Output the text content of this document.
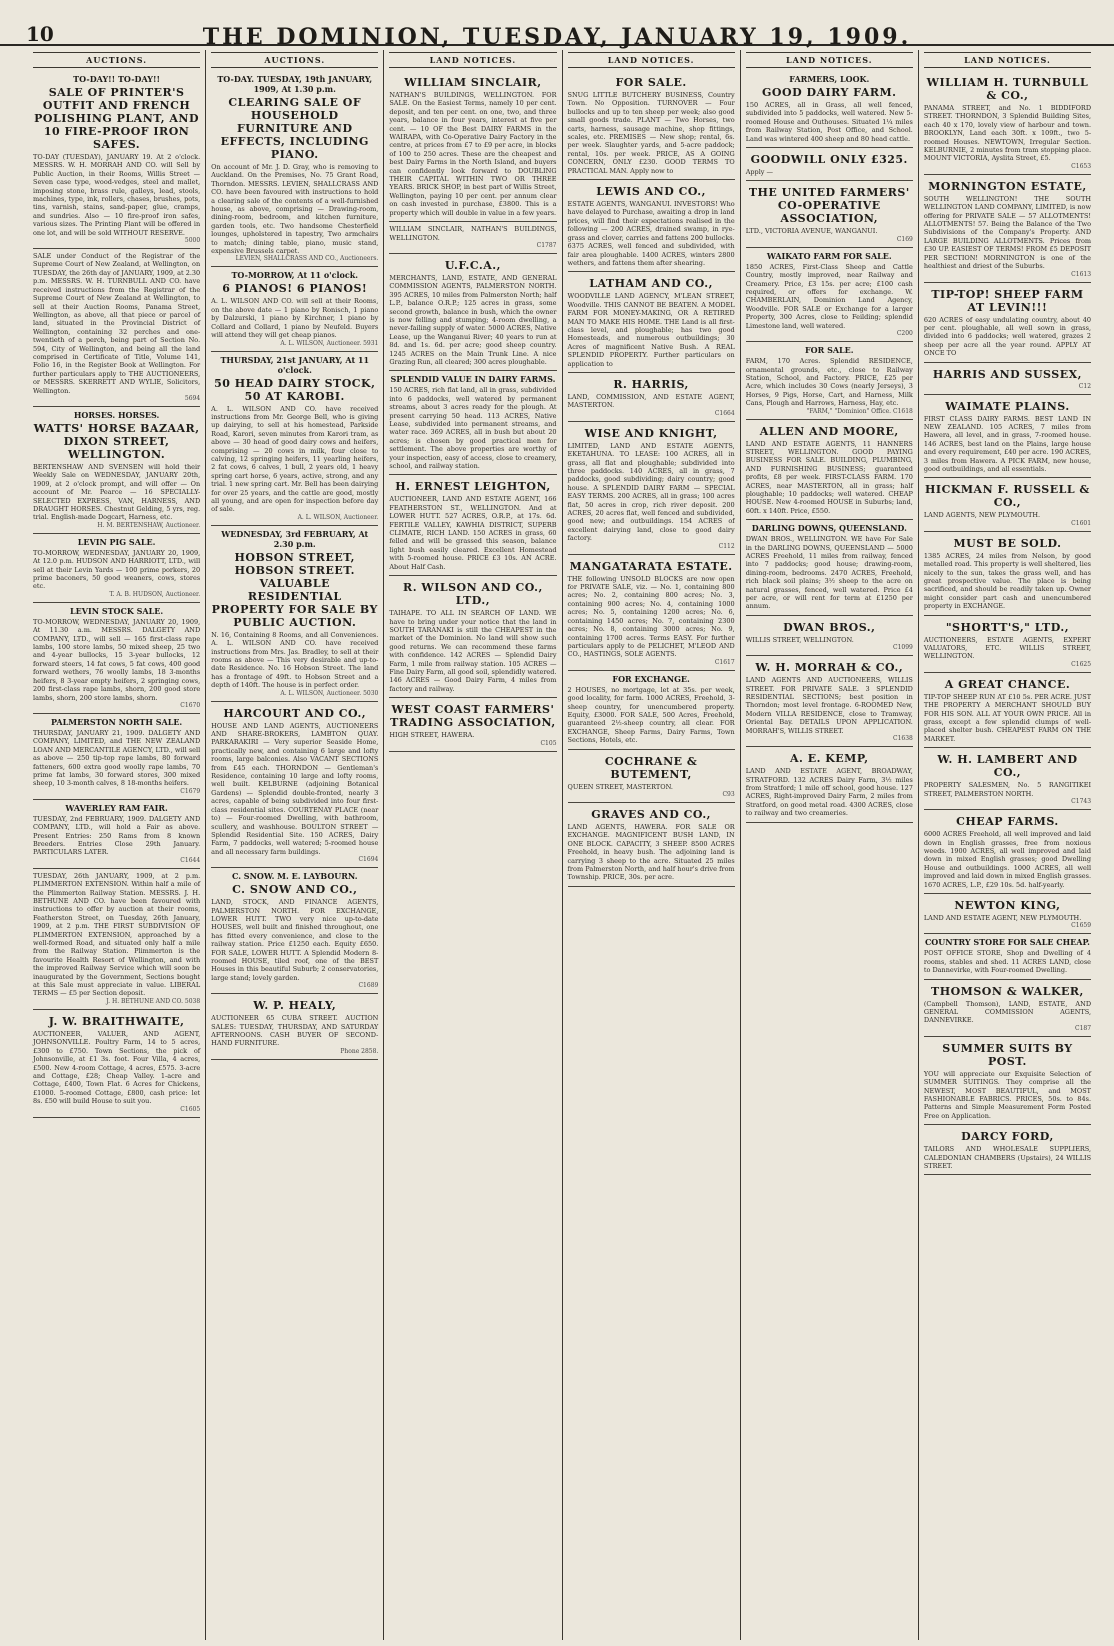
10	THE DOMINION, TUESDAY, JANUARY 19, 1909.
AUCTIONS.
TO-DAY!! TO-DAY!!
SALE OF PRINTER'S OUTFIT AND FRENCH POLISHING PLANT, AND 10 FIRE-PROOF IRON SAFES.
TO-DAY (TUESDAY), JANUARY 19. At 2 o'clock. MESSRS. W. H. MORRAH AND CO. will Sell by Public Auction, in their Rooms, Willis Street — Seven case type, wood-vedges, steel and mallet, imposing stone, brass rule, galleys, lead, stools, machines, type, ink, rollers, chases, brushes, pots, tins, varnish, stains, sand-paper, glue, cramps, and sundries. Also — 10 fire-proof iron safes, various sizes. The Printing Plant will be offered in one lot, and will be sold WITHOUT RESERVE.
5000
SALE under Conduct of the Registrar of the Supreme Court of New Zealand, at Wellington, on TUESDAY, the 26th day of JANUARY, 1909, at 2.30 p.m. MESSRS. W. H. TURNBULL AND CO. have received instructions from the Registrar of the Supreme Court of New Zealand at Wellington, to sell at their Auction Rooms, Panama Street, Wellington, as above, all that piece or parcel of land, situated in the Provincial District of Wellington, containing 32 perches and one-twentieth of a perch, being part of Section No. 594, City of Wellington, and being all the land comprised in Certificate of Title, Volume 141, Folio 16, in the Register Book at Wellington. For further particulars apply to THE AUCTIONEERS, or MESSRS. SKERRETT AND WYLIE, Solicitors, Wellington.
5694
HORSES. HORSES.
WATTS' HORSE BAZAAR, DIXON STREET, WELLINGTON.
BERTENSHAW AND SVENSEN will hold their Weekly Sale on WEDNESDAY, JANUARY 20th, 1909, at 2 o'clock prompt, and will offer — On account of Mr. Pearce — 16 SPECIALLY-SELECTED EXPRESS, VAN, HARNESS, AND DRAUGHT HORSES. Chestnut Gelding, 5 yrs, reg. trial. English-made Dogcart, Harness, etc.
H. M. BERTENSHAW, Auctioneer.
LEVIN PIG SALE.
TO-MORROW, WEDNESDAY, JANUARY 20, 1909, At 12.0 p.m. HUDSON AND HARRIOTT, LTD., will sell at their Levin Yards — 100 prime porkers, 20 prime baconers, 50 good weaners, cows, stores etc.
T. A. B. HUDSON, Auctioneer.
LEVIN STOCK SALE.
TO-MORROW, WEDNESDAY, JANUARY 20, 1909, At 11.30 a.m. MESSRS. DALGETY AND COMPANY, LTD., will sell — 165 first-class rape lambs, 100 store lambs, 50 mixed sheep, 25 two and 4-year bullocks, 15 3-year bullocks, 12 forward steers, 14 fat cows, 5 fat cows, 400 good forward wethers, 76 woolly lambs, 18 3-months heifers, 8 3-year empty heifers, 2 springing cows, 200 first-class rape lambs, shorn, 200 good store lambs, shorn, 200 store lambs, shorn.
C1670
PALMERSTON NORTH SALE.
THURSDAY, JANUARY 21, 1909. DALGETY AND COMPANY, LIMITED, and THE NEW ZEALAND LOAN AND MERCANTILE AGENCY, LTD., will sell as above — 250 tip-top rape lambs, 80 forward fatteners, 600 extra good woolly rape lambs, 70 prime fat lambs, 30 forward stores, 300 mixed sheep, 10 3-month calves, 8 18-months heifers.
C1679
WAVERLEY RAM FAIR.
TUESDAY, 2nd FEBRUARY, 1909. DALGETY AND COMPANY, LTD., will hold a Fair as above. Present Entries: 250 Rams from 8 known Breeders. Entries Close 29th January. PARTICULARS LATER.
C1644
TUESDAY, 26th JANUARY, 1909, at 2 p.m. PLIMMERTON EXTENSION. Within half a mile of the Plimmerton Railway Station. MESSRS. J. H. BETHUNE AND CO. have been favoured with instructions to offer by auction at their rooms, Featherston Street, on Tuesday, 26th January, 1909, at 2 p.m. THE FIRST SUBDIVISION OF PLIMMERTON EXTENSION, approached by a well-formed Road, and situated only half a mile from the Railway Station. Plimmerton is the favourite Health Resort of Wellington, and with the improved Railway Service which will soon be inaugurated by the Government, Sections bought at this Sale must appreciate in value. LIBERAL TERMS — £5 per Section deposit.
J. H. BETHUNE AND CO. 5038
J. W. BRAITHWAITE,
AUCTIONEER, VALUER, AND AGENT, JOHNSONVILLE. Poultry Farm, 14 to 5 acres, £300 to £750. Town Sections, the pick of Johnsonville, at £1 3s. foot. Four Villa, 4 acres, £500. New 4-room Cottage, 4 acres, £575. 3-acre and Cottage, £28; Cheap Valley. 1-acre and Cottage, £400, Town Flat. 6 Acres for Chickens, £1000. 5-roomed Cottage, £800, cash price: let 8s. £50 will build House to suit you.
C1605
AUCTIONS.
TO-DAY. TUESDAY, 19th JANUARY, 1909, At 1.30 p.m.
CLEARING SALE OF HOUSEHOLD FURNITURE AND EFFECTS, INCLUDING PIANO.
On account of Mr. J. D. Gray, who is removing to Auckland. On the Premises, No. 75 Grant Road, Thorndon. MESSRS. LEVIEN, SHALLCRASS AND CO. have been favoured with instructions to hold a clearing sale of the contents of a well-furnished house, as above, comprising — Drawing-room, dining-room, bedroom, and kitchen furniture, garden tools, etc. Two handsome Chesterfield lounges, upholstered in tapestry, Two armchairs to match; dining table, piano, music stand, expensive Brussels carpet.
LEVIEN, SHALLCRASS AND CO., Auctioneers.
TO-MORROW, At 11 o'clock.
6 PIANOS! 6 PIANOS!
A. L. WILSON AND CO. will sell at their Rooms, on the above date — 1 piano by Ronisch, 1 piano by Dalzurski, 1 piano by Kirchner, 1 piano by Collard and Collard, 1 piano by Neufeld. Buyers will attend they will get cheap pianos.
A. L. WILSON, Auctioneer. 5931
THURSDAY, 21st JANUARY, At 11 o'clock.
50 HEAD DAIRY STOCK, 50 AT KAROBI.
A. L. WILSON AND CO. have received instructions from Mr. George Bell, who is giving up dairying, to sell at his homestead, Parkside Road, Karori, seven minutes from Karori tram, as above — 30 head of good dairy cows and heifers, comprising — 20 cows in milk, four close to calving, 12 springing heifers, 11 yearling heifers, 2 fat cows, 6 calves, 1 bull, 2 years old, 1 heavy spring cart horse, 6 years, active, strong, and any trial. 1 new spring cart. Mr. Bell has been dairying for over 25 years, and the cattle are good, mostly all young, and are open for inspection before day of sale.
A. L. WILSON, Auctioneer.
WEDNESDAY, 3rd FEBRUARY, At 2.30 p.m.
HOBSON STREET, HOBSON STREET. VALUABLE RESIDENTIAL PROPERTY FOR SALE BY PUBLIC AUCTION.
N. 16, Containing 8 Rooms, and all Conveniences. A. L. WILSON AND CO. have received instructions from Mrs. Jas. Bradley, to sell at their rooms as above — This very desirable and up-to-date Residence. No. 16 Hobson Street. The land has a frontage of 49ft. to Hobson Street and a depth of 140ft. The house is in perfect order.
A. L. WILSON, Auctioneer. 5030
HARCOURT AND CO.,
HOUSE AND LAND AGENTS, AUCTIONEERS AND SHARE-BROKERS, LAMBTON QUAY. PARKARAKIRI — Very superior Seaside Home, practically new, and containing 6 large and lofty rooms, large balconies. Also VACANT SECTIONS from £45 each. THORNDON — Gentleman's Residence, containing 10 large and lofty rooms, well built. KELBURNE (adjoining Botanical Gardens) — Splendid double-fronted, nearly 3 acres, capable of being subdivided into four first-class residential sites. COURTENAY PLACE (near to) — Four-roomed Dwelling, with bathroom, scullery, and washhouse. BOULTON STREET — Splendid Residential Site. 150 ACRES, Dairy Farm, 7 paddocks, well watered; 5-roomed house and all necessary farm buildings.
C1694
C. SNOW. M. E. LAYBOURN.
C. SNOW AND CO.,
LAND, STOCK, AND FINANCE AGENTS, PALMERSTON NORTH. FOR EXCHANGE, LOWER HUTT. TWO very nice up-to-date HOUSES, well built and finished throughout, one has fitted every convenience, and close to the railway station. Price £1250 each. Equity £650. FOR SALE, LOWER HUTT. A Splendid Modern 8-roomed HOUSE, tiled roof, one of the BEST Houses in this beautiful Suburb; 2 conservatories, large stand; lovely garden.
C1689
W. P. HEALY,
AUCTIONEER 65 CUBA STREET. AUCTION SALES: TUESDAY, THURSDAY, AND SATURDAY AFTERNOONS. CASH BUYER OF SECOND-HAND FURNITURE.
Phone 2858.
LAND NOTICES.
WILLIAM SINCLAIR,
NATHAN'S BUILDINGS, WELLINGTON. FOR SALE. On the Easiest Terms, namely 10 per cent. deposit, and ten per cent. on one, two, and three years, balance in four years, interest at five per cent. — 10 OF the Best DAIRY FARMS in the WAIRAPA, with Co-Operative Dairy Factory in the centre, at prices from £7 to £9 per acre, in blocks of 100 to 250 acres. These are the cheapest and best Dairy Farms in the North Island, and buyers can confidently look forward to DOUBLING THEIR CAPITAL WITHIN TWO OR THREE YEARS. BRICK SHOP, in best part of Willis Street, Wellington, paying 10 per cent. per annum clear on cash invested in purchase, £3800. This is a property which will double in value in a few years.
WILLIAM SINCLAIR, NATHAN'S BUILDINGS, WELLINGTON.
C1787
U.F.C.A.,
MERCHANTS, LAND, ESTATE, AND GENERAL COMMISSION AGENTS, PALMERSTON NORTH. 395 ACRES, 10 miles from Palmerston North; half L.P., balance O.R.P.; 125 acres in grass, some second growth, balance in bush, which the owner is now felling and stumping; 4-room dwelling, a never-failing supply of water. 5000 ACRES, Native Lease, up the Wanganui River; 40 years to run at 8d. and 1s. 6d. per acre; good sheep country. 1245 ACRES on the Main Trunk Line. A nice Grazing Run, all cleared; 300 acres ploughable.
SPLENDID VALUE IN DAIRY FARMS.
150 ACRES, rich flat land, all in grass, subdivided into 6 paddocks, well watered by permanent streams, about 3 acres ready for the plough. At present carrying 50 head. 113 ACRES, Native Lease, subdivided into permanent streams, and water race. 369 ACRES, all in bush but about 20 acres; is chosen by good practical men for settlement. The above properties are worthy of your inspection, easy of access, close to creamery, school, and railway station.
H. ERNEST LEIGHTON,
AUCTIONEER, LAND AND ESTATE AGENT, 166 FEATHERSTON ST., WELLINGTON. And at LOWER HUTT. 527 ACRES, O.R.P., at 17s. 6d. FERTILE VALLEY, KAWHIA DISTRICT, SUPERB CLIMATE, RICH LAND. 150 ACRES in grass, 60 felled and will be grassed this season, balance light bush easily cleared. Excellent Homestead with 5-roomed house. PRICE £3 10s. AN ACRE. About Half Cash.
R. WILSON AND CO., LTD.,
TAIHAPE. TO ALL IN SEARCH OF LAND. WE have to bring under your notice that the land in SOUTH TARANAKI is still the CHEAPEST in the market of the Dominion. No land will show such good returns. We can recommend these farms with confidence. 142 ACRES — Splendid Dairy Farm, 1 mile from railway station. 105 ACRES — Fine Dairy Farm, all good soil, splendidly watered. 146 ACRES — Good Dairy Farm, 4 miles from factory and railway.
WEST COAST FARMERS' TRADING ASSOCIATION,
HIGH STREET, HAWERA.
C105
LAND NOTICES.
FOR SALE.
SNUG LITTLE BUTCHERY BUSINESS, Country Town. No Opposition. TURNOVER — Four bullocks and up to ten sheep per week; also good small goods trade. PLANT — Two Horses, two carts, harness, sausage machine, shop fittings, scales, etc. PREMISES — New shop; rental, 6s. per week. Slaughter yards, and 5-acre paddock; rental, 10s. per week. PRICE, AS A GOING CONCERN, ONLY £230. GOOD TERMS TO PRACTICAL MAN. Apply now to
LEWIS AND CO.,
ESTATE AGENTS, WANGANUI. INVESTORS! Who have delayed to Purchase, awaiting a drop in land prices, will find their expectations realised in the following — 200 ACRES, drained swamp, in rye-grass and clover, carries and fattens 200 bullocks. 6375 ACRES, well fenced and subdivided, with fair area ploughable. 1400 ACRES, winters 2800 wethers, and fattens them after shearing.
LATHAM AND CO.,
WOODVILLE LAND AGENCY, M'LEAN STREET, Woodville. THIS CANNOT BE BEATEN. A MODEL FARM FOR MONEY-MAKING, OR A RETIRED MAN TO MAKE HIS HOME. THE Land is all first-class level, and ploughable; has two good Homesteads, and numerous outbuildings; 30 Acres of magnificent Native Bush. A REAL SPLENDID PROPERTY. Further particulars on application to
R. HARRIS,
LAND, COMMISSION, AND ESTATE AGENT, MASTERTON.
C1664
WISE AND KNIGHT,
LIMITED, LAND AND ESTATE AGENTS, EKETAHUNA. TO LEASE: 100 ACRES, all in grass, all flat and ploughable; subdivided into three paddocks. 140 ACRES, all in grass, 7 paddocks, good subdividing; dairy country; good house. A SPLENDID DAIRY FARM — SPECIAL EASY TERMS. 200 ACRES, all in grass; 100 acres flat, 50 acres in crop, rich river deposit. 200 ACRES, 20 acres flat, well fenced and subdivided, good new; and outbuildings. 154 ACRES of excellent dairying land, close to good dairy factory.
C112
MANGATARATA ESTATE.
THE following UNSOLD BLOCKS are now open for PRIVATE SALE, viz. — No. 1, containing 800 acres; No. 2, containing 800 acres; No. 3, containing 900 acres; No. 4, containing 1000 acres; No. 5, containing 1200 acres; No. 6, containing 1450 acres; No. 7, containing 2300 acres; No. 8, containing 3000 acres; No. 9, containing 1700 acres. Terms EASY. For further particulars apply to de PELICHET, M'LEOD AND CO., HASTINGS, SOLE AGENTS.
C1617
FOR EXCHANGE.
2 HOUSES, no mortgage, let at 35s. per week, good locality, for farm. 1000 ACRES, Freehold, 3-sheep country, for unencumbered property. Equity, £3000. FOR SALE, 500 Acres, Freehold, guaranteed 2½-sheep country, all clear. FOR EXCHANGE, Sheep Farms, Dairy Farms, Town Sections, Hotels, etc.
COCHRANE & BUTEMENT,
QUEEN STREET, MASTERTON.
C93
GRAVES AND CO.,
LAND AGENTS, HAWERA. FOR SALE OR EXCHANGE. MAGNIFICENT BUSH LAND, IN ONE BLOCK. CAPACITY, 3 SHEEP. 8500 ACRES Freehold, in heavy bush. The adjoining land is carrying 3 sheep to the acre. Situated 25 miles from Palmerston North, and half hour's drive from Township. PRICE, 30s. per acre.
LAND NOTICES.
FARMERS, LOOK.
GOOD DAIRY FARM.
150 ACRES, all in Grass, all well fenced, subdivided into 5 paddocks, well watered. New 5-roomed House and Outhouses. Situated 1¼ miles from Railway Station, Post Office, and School. Land was wintered 400 sheep and 80 head cattle.
GOODWILL ONLY £325.
Apply —
THE UNITED FARMERS' CO-OPERATIVE ASSOCIATION,
LTD., VICTORIA AVENUE, WANGANUI.
C169
WAIKATO FARM FOR SALE.
1850 ACRES, First-Class Sheep and Cattle Country, mostly improved, near Railway and Creamery. Price, £3 15s. per acre; £100 cash required, or offers for exchange. W. CHAMBERLAIN, Dominion Land Agency, Woodville. FOR SALE or Exchange for a larger Property, 300 Acres, close to Feilding; splendid Limestone land, well watered.
C200
FOR SALE.
FARM, 170 Acres. Splendid RESIDENCE, ornamental grounds, etc., close to Railway Station, School, and Factory. PRICE, £25 per Acre, which includes 30 Cows (nearly Jerseys), 3 Horses, 9 Pigs, Horse, Cart, and Harness, Milk Cans, Plough and Harrows, Harness, Hay, etc.
"FARM," "Dominion" Office. C1618
ALLEN AND MOORE,
LAND AND ESTATE AGENTS, 11 HANNERS STREET, WELLINGTON. GOOD PAYING BUSINESS FOR SALE. BUILDING, PLUMBING, AND FURNISHING BUSINESS; guaranteed profits, £8 per week. FIRST-CLASS FARM. 170 ACRES, near MASTERTON, all in grass; half ploughable; 10 paddocks; well watered. CHEAP HOUSE. New 4-roomed HOUSE in Suburbs; land, 60ft. x 140ft. Price, £550.
DARLING DOWNS, QUEENSLAND.
DWAN BROS., WELLINGTON. WE have For Sale in the DARLING DOWNS, QUEENSLAND — 5000 ACRES Freehold, 11 miles from railway, fenced into 7 paddocks; good house; drawing-room, dining-room, bedrooms. 2470 ACRES, Freehold, rich black soil plains; 3½ sheep to the acre on natural grasses, fenced, well watered. Price £4 per acre, or will rent for term at £1250 per annum.
DWAN BROS.,
WILLIS STREET, WELLINGTON.
C1099
W. H. MORRAH & CO.,
LAND AGENTS AND AUCTIONEERS, WILLIS STREET. FOR PRIVATE SALE. 3 SPLENDID RESIDENTIAL SECTIONS; best position in Thorndon; most level frontage. 6-ROOMED New, Modern VILLA RESIDENCE, close to Tramway, Oriental Bay. DETAILS UPON APPLICATION. MORRAH'S, WILLIS STREET.
C1638
A. E. KEMP,
LAND AND ESTATE AGENT, BROADWAY, STRATFORD. 132 ACRES Dairy Farm, 3½ miles from Stratford; 1 mile off school, good house. 127 ACRES, Right-improved Dairy Farm, 2 miles from Stratford, on good metal road. 4300 ACRES, close to railway and two creameries.
LAND NOTICES.
WILLIAM H. TURNBULL & CO.,
PANAMA STREET, and No. 1 BIDDIFORD STREET. THORNDON, 3 Splendid Building Sites, each 40 x 170, lovely view of harbour and town. BROOKLYN, Land each 30ft. x 109ft., two 5-roomed Houses. NEWTOWN, Irregular Section. KELBURNIE, 2 minutes from tram stopping place. MOUNT VICTORIA, Ayslita Street, £5.
C1653
MORNINGTON ESTATE,
SOUTH WELLINGTON! THE SOUTH WELLINGTON LAND COMPANY, LIMITED, is now offering for PRIVATE SALE — 57 ALLOTMENTS! ALLOTMENTS! 57. Being the Balance of the Two Subdivisions of the Company's Property. AND LARGE BUILDING ALLOTMENTS. Prices from £30 UP. EASIEST OF TERMS! FROM £5 DEPOSIT PER SECTION! MORNINGTON is one of the healthiest and driest of the Suburbs.
C1613
TIP-TOP! SHEEP FARM AT LEVIN!!!
620 ACRES of easy undulating country, about 40 per cent. ploughable, all well sown in grass, divided into 6 paddocks; well watered, grazes 2 sheep per acre all the year round. APPLY AT ONCE TO
HARRIS AND SUSSEX,
C12
WAIMATE PLAINS.
FIRST CLASS DAIRY FARMS. BEST LAND IN NEW ZEALAND. 105 ACRES, 7 miles from Hawera, all level, and in grass, 7-roomed house. 146 ACRES, best land on the Plains, large house and every requirement, £40 per acre. 190 ACRES, 3 miles from Hawera. A PICK FARM, new house, good outbuildings, and all essentials.
HICKMAN F. RUSSELL & CO.,
LAND AGENTS, NEW PLYMOUTH.
C1601
MUST BE SOLD.
1385 ACRES, 24 miles from Nelson, by good metalled road. This property is well sheltered, lies nicely to the sun, takes the grass well, and has great prospective value. The place is being sacrificed, and should be readily taken up. Owner might consider part cash and unencumbered property in EXCHANGE.
"SHORTT'S," LTD.,
AUCTIONEERS, ESTATE AGENTS, EXPERT VALUATORS, ETC. WILLIS STREET, WELLINGTON.
C1625
A GREAT CHANCE.
TIP-TOP SHEEP RUN AT £10 5s. PER ACRE. JUST THE PROPERTY A MERCHANT SHOULD BUY FOR HIS SON. ALL AT YOUR OWN PRICE. All in grass, except a few splendid clumps of well-placed shelter bush. CHEAPEST FARM ON THE MARKET.
W. H. LAMBERT AND CO.,
PROPERTY SALESMEN, No. 5 RANGITIKEI STREET, PALMERSTON NORTH.
C1743
CHEAP FARMS.
6000 ACRES Freehold, all well improved and laid down in English grasses, free from noxious weeds. 1900 ACRES, all well improved and laid down in mixed English grasses; good Dwelling House and outbuildings. 1000 ACRES, all well improved and laid down in mixed English grasses. 1670 ACRES, L.P., £29 10s. 5d. half-yearly.
NEWTON KING,
LAND AND ESTATE AGENT, NEW PLYMOUTH.
C1659
COUNTRY STORE FOR SALE CHEAP.
POST OFFICE STORE, Shop and Dwelling of 4 rooms, stables and shed. 11 ACRES LAND, close to Dannevirke, with Four-roomed Dwelling.
THOMSON & WALKER,
(Campbell Thomson), LAND, ESTATE, AND GENERAL COMMISSION AGENTS, DANNEVIRKE.
C187
SUMMER SUITS BY POST.
YOU will appreciate our Exquisite Selection of SUMMER SUITINGS. They comprise all the NEWEST, MOST BEAUTIFUL, and MOST FASHIONABLE FABRICS. PRICES, 50s. to 84s. Patterns and Simple Measurement Form Posted Free on Application.
DARCY FORD,
TAILORS AND WHOLESALE SUPPLIERS, CALEDONIAN CHAMBERS (Upstairs), 24 WILLIS STREET.
